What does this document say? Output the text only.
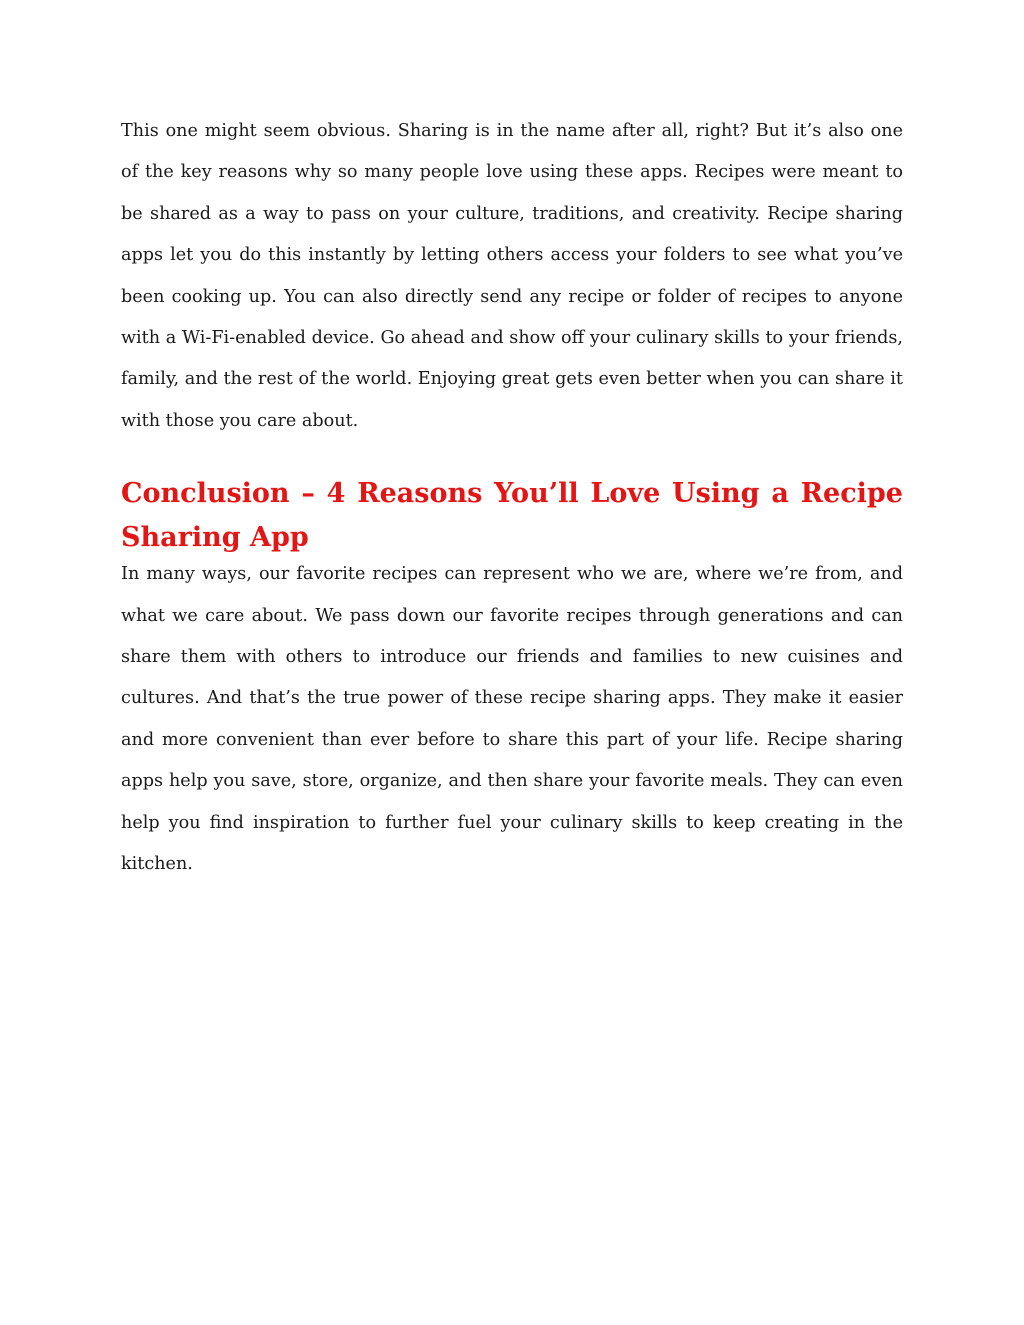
This one might seem obvious. Sharing is in the name after all, right? But it’s also one of the key reasons why so many people love using these apps. Recipes were meant to be shared as a way to pass on your culture, traditions, and creativity. Recipe sharing apps let you do this instantly by letting others access your folders to see what you’ve been cooking up. You can also directly send any recipe or folder of recipes to anyone with a Wi-Fi-enabled device. Go ahead and show off your culinary skills to your friends, family, and the rest of the world. Enjoying great gets even better when you can share it with those you care about.

Conclusion – 4 Reasons You’ll Love Using a Recipe Sharing App

In many ways, our favorite recipes can represent who we are, where we’re from, and what we care about. We pass down our favorite recipes through generations and can share them with others to introduce our friends and families to new cuisines and cultures. And that’s the true power of these recipe sharing apps. They make it easier and more convenient than ever before to share this part of your life. Recipe sharing apps help you save, store, organize, and then share your favorite meals. They can even help you find inspiration to further fuel your culinary skills to keep creating in the kitchen.
